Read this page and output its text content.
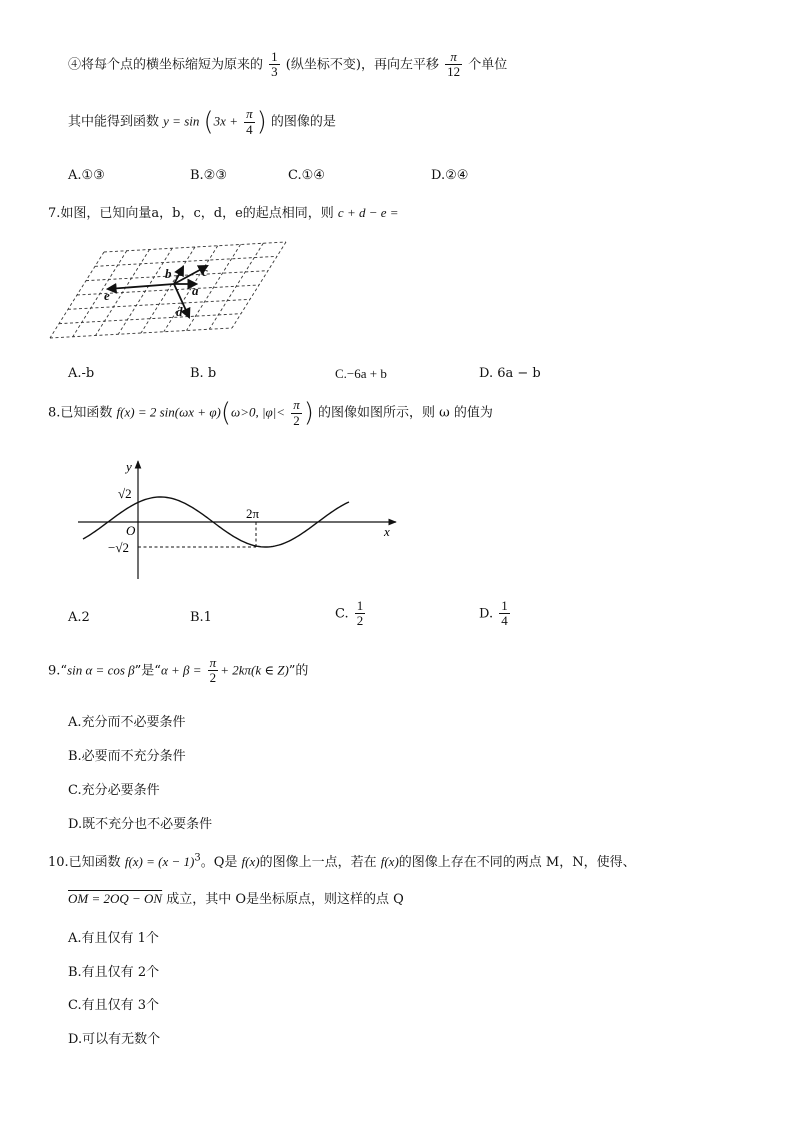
④将每个点的横坐标缩短为原来的 $\frac{1}{3}$ (纵坐标不变)，再向左平移 $\frac{\pi}{12}$ 个单位
其中能得到函数 $y = \sin (3x + \frac{\pi}{4}$ ) 的图像的是
A.①③	B.②③	C.①④	D.②④
7.如图，已知向量a，b，c，d，e的起点相同，则 c + d − e =
b c
e	a
d
A.-b	B. b	C.−6a + b	D. 6a − b
8.已知函数 f(x) = 2 sin(ωx + φ)(ω>0, $|\varphi|< \frac{\pi}{2}$ ) 的图像如图所示，则 ω 的值为
y
x
O
√2
−√2
2π
A.2	B.1	C. $\frac{1}{2}$	D. $\frac{1}{4}$
9.“sin α = cos β”是“$\alpha + \beta = \frac{\pi}{2} + 2k\pi(k$ ∈ Z)”的
A.充分而不必要条件
B.必要而不充分条件
C.充分必要条件
D.既不充分也不必要条件
10.已知函数 $f(x) = (x - 1)^3$。Q是 f(x)的图像上一点，若在 f(x)的图像上存在不同的两点 M，N，使得、
OM = 2OQ − ON 成立，其中 O是坐标原点，则这样的点 Q
A.有且仅有 1个
B.有且仅有 2个
C.有且仅有 3个
D.可以有无数个
